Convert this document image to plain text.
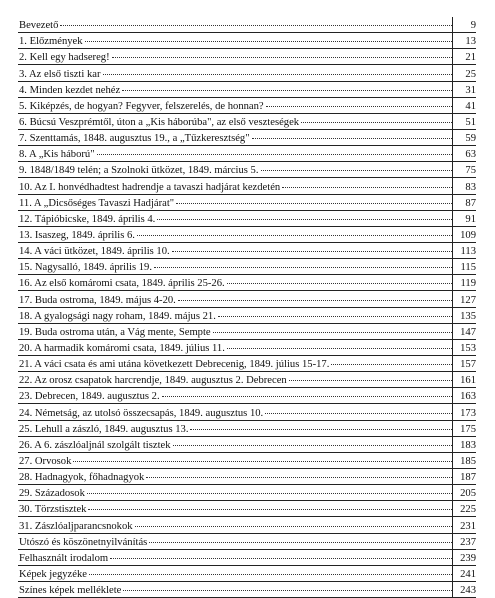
Bevezető	9
1. Előzmények	13
2. Kell egy hadsereg!	21
3. Az első tiszti kar	25
4. Minden kezdet nehéz	31
5. Kiképzés, de hogyan? Fegyver, felszerelés, de honnan?	41
6. Búcsú Veszprémtől, úton a „Kis háborúba", az első veszteségek	51
7. Szenttamás, 1848. augusztus 19., a „Tűzkeresztség"	59
8. A „Kis háború"	63
9. 1848/1849 telén; a Szolnoki ütközet, 1849. március 5.	75
10. Az I. honvédhadtest hadrendje a tavaszi hadjárat kezdetén	83
11. A „Dicsőséges Tavaszi Hadjárat"	87
12. Tápióbicske, 1849. április 4.	91
13. Isaszeg, 1849. április 6.	109
14. A váci ütközet, 1849. április 10.	113
15. Nagysalló, 1849. április 19.	115
16. Az első komáromi csata, 1849. április 25-26.	119
17. Buda ostroma, 1849. május 4-20.	127
18. A gyalogsági nagy roham, 1849. május 21.	135
19. Buda ostroma után, a Vág mente, Sempte	147
20. A harmadik komáromi csata, 1849. július 11.	153
21. A váci csata és ami utána következett Debrecenig, 1849. július 15-17.	157
22. Az orosz csapatok harcrendje, 1849. augusztus 2. Debrecen	161
23. Debrecen, 1849. augusztus 2.	163
24. Németság, az utolsó összecsapás, 1849. augusztus 10.	173
25. Lehull a zászló, 1849. augusztus 13.	175
26. A 6. zászlóaljnál szolgált tisztek	183
27. Orvosok	185
28. Hadnagyok, főhadnagyok	187
29. Századosok	205
30. Törzstisztek	225
31. Zászlóaljparancsnokok	231
Utószó és köszönetnyilvánítás	237
Felhasznált irodalom	239
Képek jegyzéke	241
Színes képek melléklete	243
